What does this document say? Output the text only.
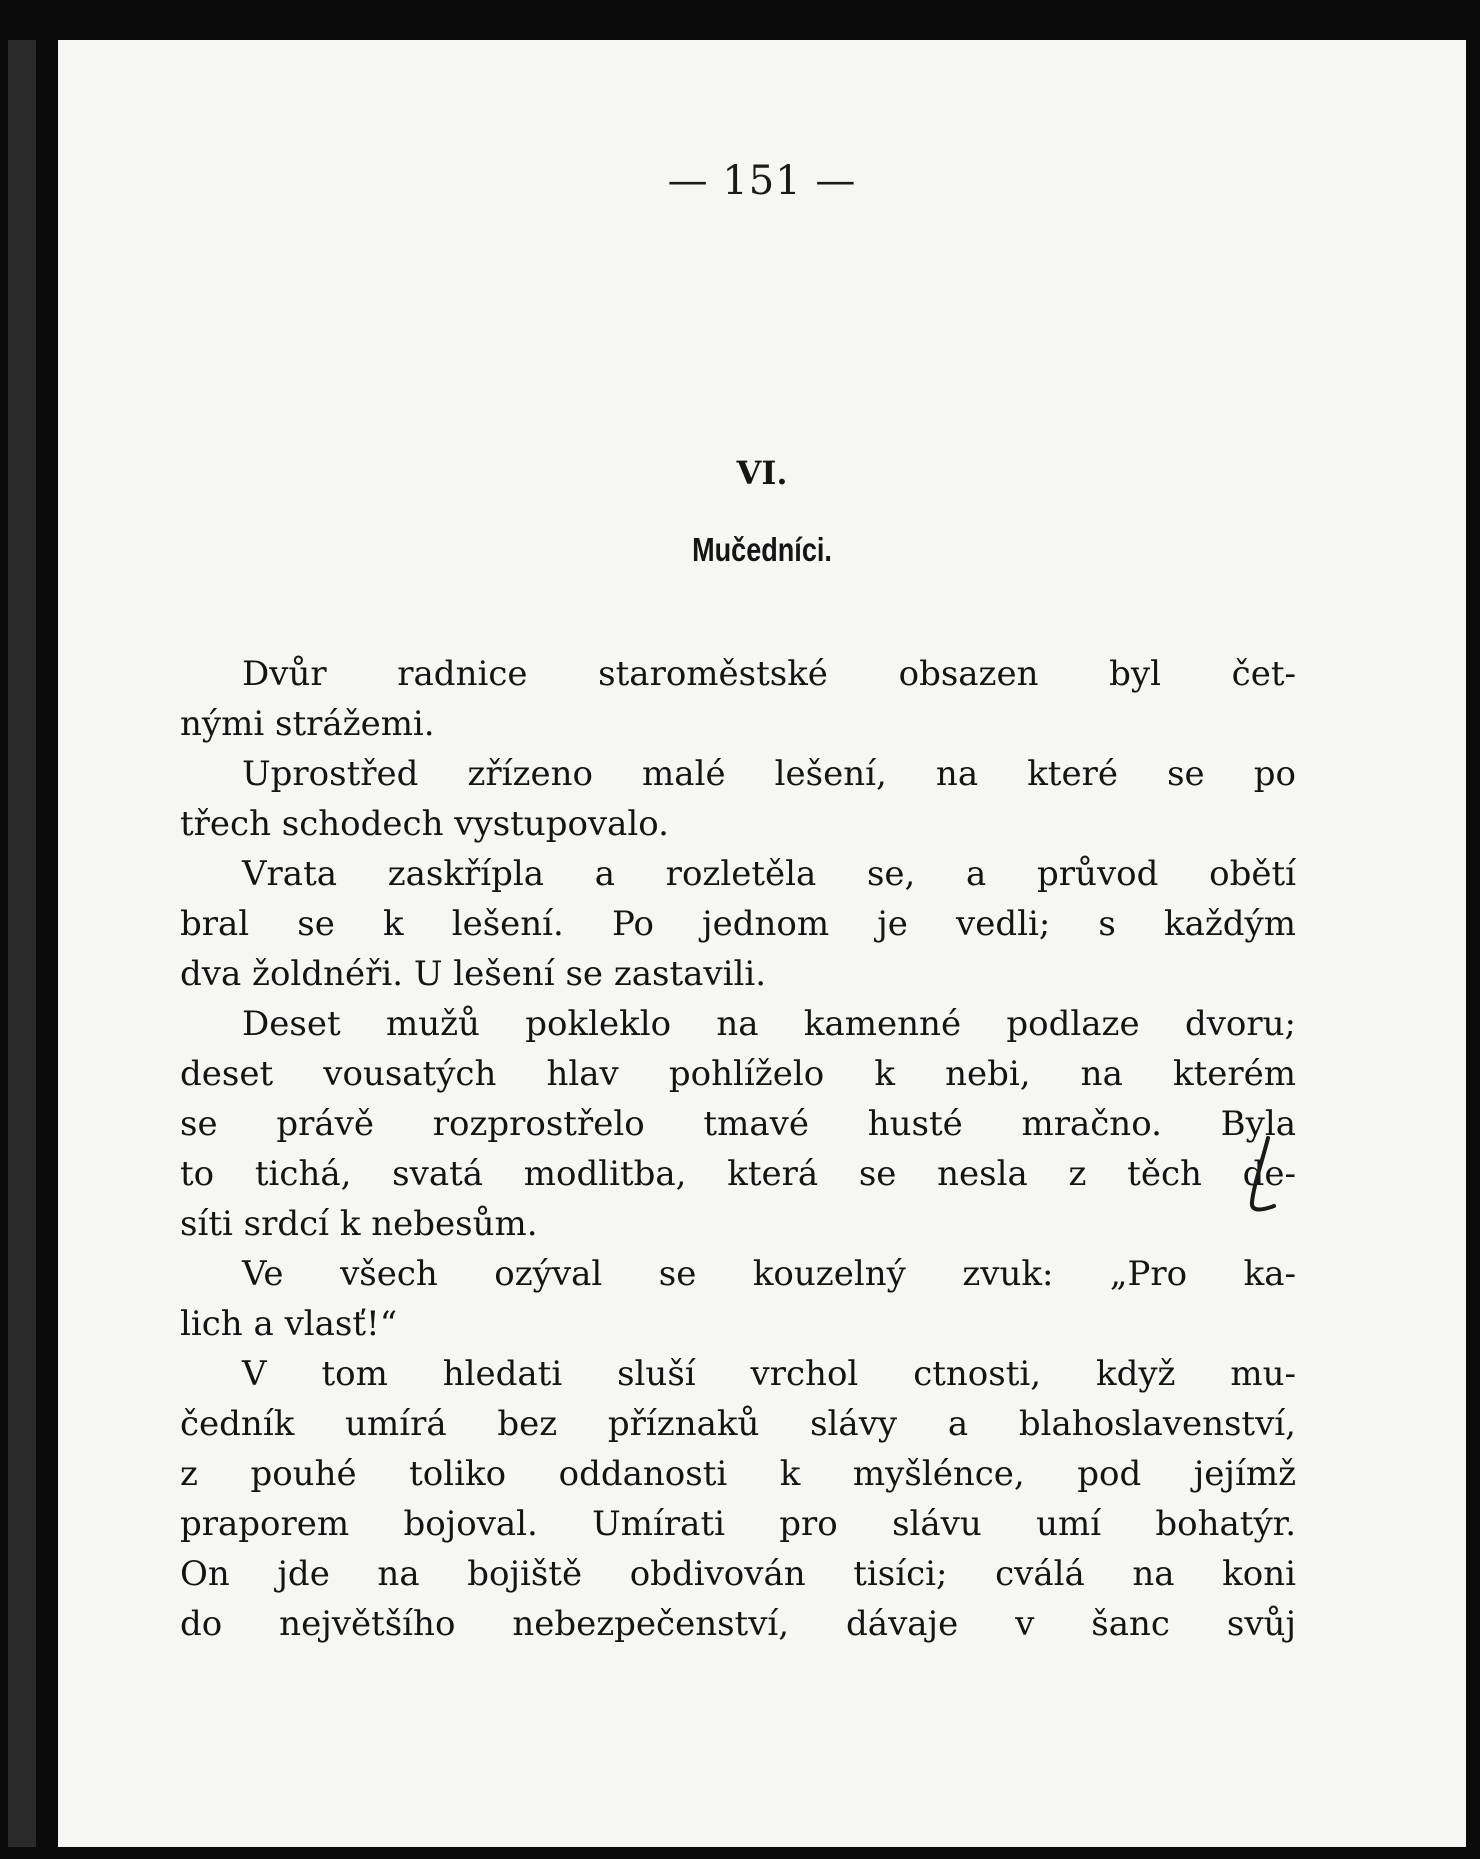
— 151 —
VI.
Mučedníci.
Dvůr radnice staroměstské obsazen byl čet-
nými strážemi.
Uprostřed zřízeno malé lešení, na které se po
třech schodech vystupovalo.
Vrata zaskřípla a rozletěla se, a průvod obětí
bral se k lešení. Po jednom je vedli; s každým
dva žoldnéři. U lešení se zastavili.
Deset mužů pokleklo na kamenné podlaze dvoru;
deset vousatých hlav pohlíželo k nebi, na kterém
se právě rozprostřelo tmavé husté mračno. Byla
to tichá, svatá modlitba, která se nesla z těch de-
síti srdcí k nebesům.
Ve všech ozýval se kouzelný zvuk: „Pro ka-
lich a vlasť!“
V tom hledati sluší vrchol ctnosti, když mu-
čedník umírá bez příznaků slávy a blahoslavenství,
z pouhé toliko oddanosti k myšlénce, pod jejímž
praporem bojoval. Umírati pro slávu umí bohatýr.
On jde na bojiště obdivován tisíci; cválá na koni
do největšího nebezpečenství, dávaje v šanc svůj
